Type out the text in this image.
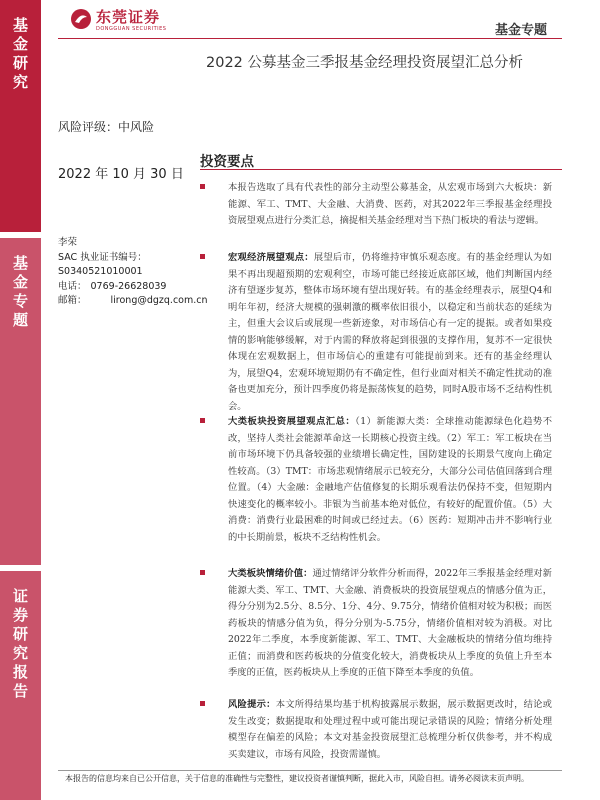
基
金
研
究
基
金
专
题
证
券
研
究
报
告
东莞证券
DONGGUAN SECURITIES	基金专题
2022 公募基金三季报基金经理投资展望汇总分析
风险评级：中风险
2022 年 10 月 30 日
李荣
SAC 执业证书编号：
S0340521010001
电话： 0769-26628039
邮箱：	lirong@dgzq.com.cn
投资要点
本报告选取了具有代表性的部分主动型公募基金，从宏观市场到六大板块：新能源、军工、TMT、大金融、大消费、医药，对其2022年三季报基金经理投资展望观点进行分类汇总，摘捉相关基金经理对当下热门板块的看法与逻辑。
宏观经济展望观点：展望后市，仍将维持审慎乐观态度。有的基金经理认为如果不再出现超预期的宏观利空，市场可能已经接近底部区域，他们判断国内经济有望逐步复苏，整体市场环境有望出现好转。有的基金经理表示，展望Q4和明年年初，经济大规模的强刺激的概率依旧很小，以稳定和当前状态的延续为主，但重大会议后或展现一些新迹象，对市场信心有一定的提振。或者如果疫情的影响能够缓解，对于内需的释放将起到很强的支撑作用，复苏不一定很快体现在宏观数据上，但市场信心的重建有可能提前到来。还有的基金经理认为，展望Q4，宏观环境短期仍有不确定性，但行业面对相关不确定性扰动的准备也更加充分，预计四季度仍将是振荡恢复的趋势，同时A股市场不乏结构性机会。
大类板块投资展望观点汇总：（1）新能源大类：全球推动能源绿色化趋势不改，坚持人类社会能源革命这一长期核心投资主线。（2）军工：军工板块在当前市场环境下仍具备较强的业绩增长确定性，国防建设的长期景气度向上确定性较高。（3）TMT：市场悲观情绪展示已较充分，大部分公司估值回落到合理位置。（4）大金融：金融地产估值修复的长期乐观看法仍保持不变，但短期内快速变化的概率较小。非银为当前基本绝对低位，有较好的配置价值。（5）大消费：消费行业最困难的时间或已经过去。（6）医药：短期冲击并不影响行业的中长期前景，板块不乏结构性机会。
大类板块情绪价值：通过情绪评分软件分析而得，2022年三季报基金经理对新能源大类、军工、TMT、大金融、消费板块的投资展望观点的情感分值为正，得分分别为2.5分、8.5分、1分、4分、9.75分，情绪价值相对较为积极；而医药板块的情感分值为负，得分分别为-5.75分，情绪价值相对较为消极。对比2022年二季度，本季度新能源、军工、TMT、大金融板块的情绪分值均维持正值；而消费和医药板块的分值变化较大，消费板块从上季度的负值上升至本季度的正值，医药板块从上季度的正值下降至本季度的负值。
风险提示：本文所得结果均基于机构披露展示数据，展示数据更改时，结论或发生改变；数据提取和处理过程中或可能出现记录错误的风险；情绪分析处理模型存在偏差的风险；本文对基金投资展望汇总梳理分析仅供参考，并不构成买卖建议，市场有风险，投资需谨慎。
本报告的信息均来自已公开信息，关于信息的准确性与完整性，建议投资者谨慎判断，据此入市，风险自担。请务必阅读末页声明。
